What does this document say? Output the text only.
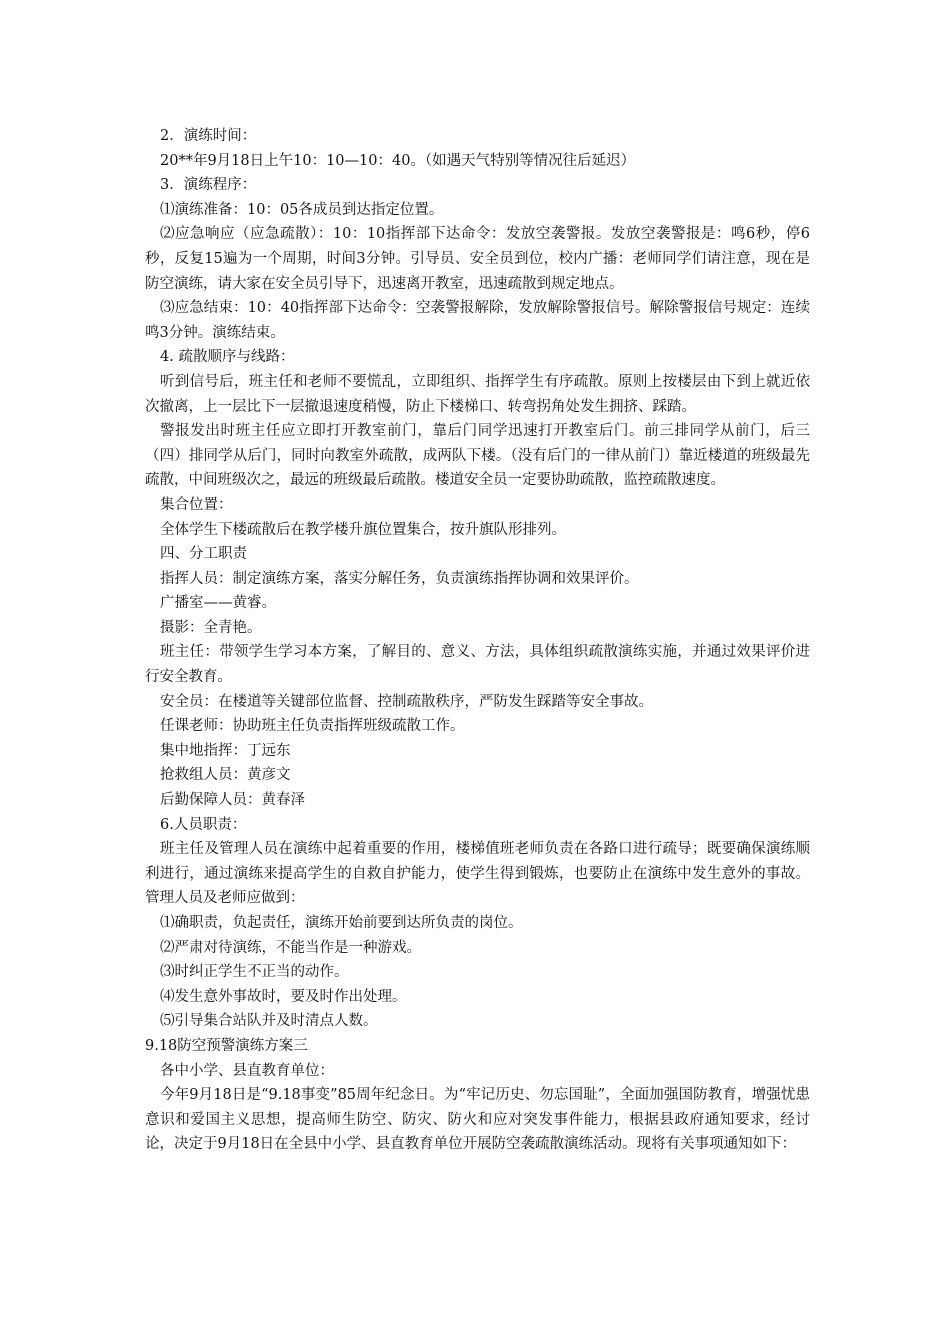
2．演练时间：

20**年9月18日上午10：10—10：40。（如遇天气特别等情况往后延迟）

3．演练程序：

⑴演练准备：10：05各成员到达指定位置。

⑵应急响应（应急疏散）：10：10指挥部下达命令：发放空袭警报。发放空袭警报是：鸣6秒，停6秒，反复15遍为一个周期，时间3分钟。引导员、安全员到位，校内广播：老师同学们请注意，现在是防空演练，请大家在安全员引导下，迅速离开教室，迅速疏散到规定地点。

⑶应急结束：10：40指挥部下达命令：空袭警报解除，发放解除警报信号。解除警报信号规定：连续鸣3分钟。演练结束。

4. 疏散顺序与线路：

听到信号后，班主任和老师不要慌乱，立即组织、指挥学生有序疏散。原则上按楼层由下到上就近依次撤离，上一层比下一层撤退速度稍慢，防止下楼梯口、转弯拐角处发生拥挤、踩踏。

警报发出时班主任应立即打开教室前门，靠后门同学迅速打开教室后门。前三排同学从前门，后三（四）排同学从后门，同时向教室外疏散，成两队下楼。（没有后门的一律从前门）靠近楼道的班级最先疏散，中间班级次之，最远的班级最后疏散。楼道安全员一定要协助疏散，监控疏散速度。

集合位置：

全体学生下楼疏散后在教学楼升旗位置集合，按升旗队形排列。

四、分工职责

指挥人员：制定演练方案，落实分解任务，负责演练指挥协调和效果评价。

广播室——黄睿。

摄影：全青艳。

班主任：带领学生学习本方案，了解目的、意义、方法，具体组织疏散演练实施，并通过效果评价进行安全教育。

安全员：在楼道等关键部位监督、控制疏散秩序，严防发生踩踏等安全事故。

任课老师：协助班主任负责指挥班级疏散工作。

集中地指挥：丁远东

抢救组人员：黄彦文

后勤保障人员：黄春泽

6.人员职责：

班主任及管理人员在演练中起着重要的作用，楼梯值班老师负责在各路口进行疏导；既要确保演练顺利进行，通过演练来提高学生的自救自护能力，使学生得到锻炼，也要防止在演练中发生意外的事故。管理人员及老师应做到：

⑴确职责，负起责任，演练开始前要到达所负责的岗位。

⑵严肃对待演练，不能当作是一种游戏。

⑶时纠正学生不正当的动作。

⑷发生意外事故时，要及时作出处理。

⑸引导集合站队并及时清点人数。

9.18防空预警演练方案三

各中小学、县直教育单位：

今年9月18日是“9.18事变”85周年纪念日。为“牢记历史、勿忘国耻”，全面加强国防教育，增强忧患意识和爱国主义思想，提高师生防空、防灾、防火和应对突发事件能力，根据县政府通知要求，经讨论，决定于9月18日在全县中小学、县直教育单位开展防空袭疏散演练活动。现将有关事项通知如下：
